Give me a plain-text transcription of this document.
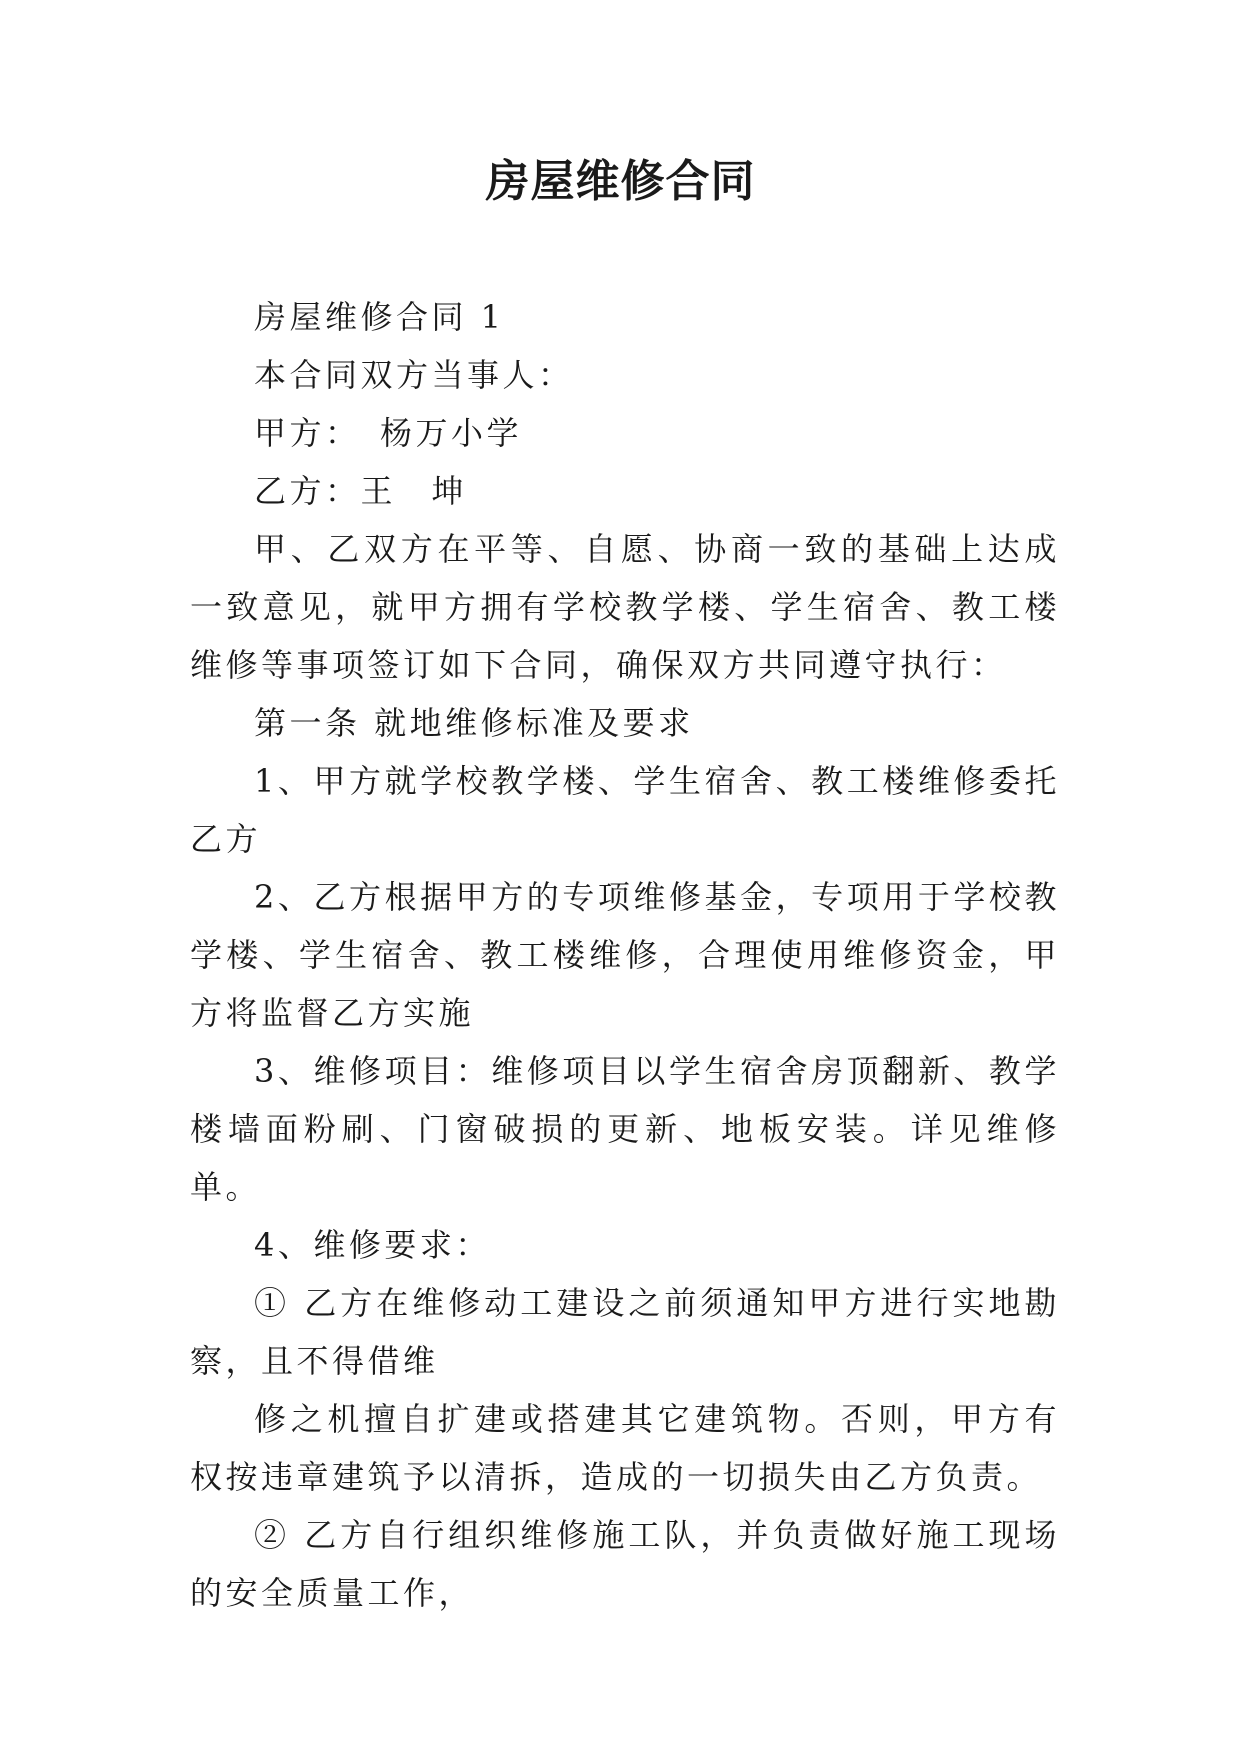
房屋维修合同

房屋维修合同 1

本合同双方当事人：

甲方：　杨万小学

乙方：王　坤

甲、乙双方在平等、自愿、协商一致的基础上达成一致意见，就甲方拥有学校教学楼、学生宿舍、教工楼维修等事项签订如下合同，确保双方共同遵守执行：

第一条 就地维修标准及要求

1、甲方就学校教学楼、学生宿舍、教工楼维修委托乙方

2、乙方根据甲方的专项维修基金，专项用于学校教学楼、学生宿舍、教工楼维修，合理使用维修资金，甲方将监督乙方实施

3、维修项目：维修项目以学生宿舍房顶翻新、教学楼墙面粉刷、门窗破损的更新、地板安装。详见维修单。

4、维修要求：

① 乙方在维修动工建设之前须通知甲方进行实地勘察，且不得借维

修之机擅自扩建或搭建其它建筑物。否则，甲方有权按违章建筑予以清拆，造成的一切损失由乙方负责。

② 乙方自行组织维修施工队，并负责做好施工现场的安全质量工作，
